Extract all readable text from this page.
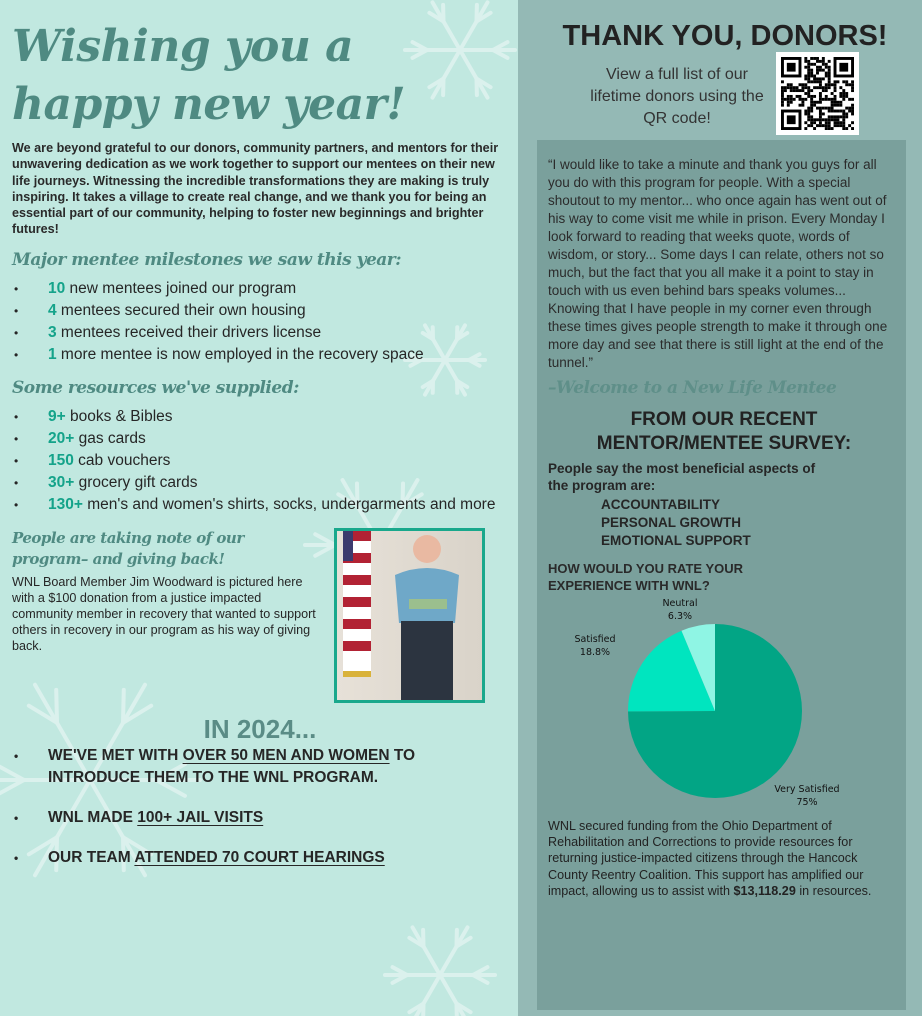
Wishing you a
happy new year!

We are beyond grateful to our donors, community partners, and mentors for their unwavering dedication as we work together to support our mentees on their new life journeys. Witnessing the incredible transformations they are making is truly inspiring. It takes a village to create real change, and we thank you for being an essential part of our community, helping to foster new beginnings and brighter futures!

Major mentee milestones we saw this year:
• 10 new mentees joined our program
• 4 mentees secured their own housing
• 3 mentees received their drivers license
• 1 more mentee is now employed in the recovery space
Some resources we've supplied:
• 9+ books & Bibles
• 20+ gas cards
• 150 cab vouchers
• 30+ grocery gift cards
• 130+ men's and women's shirts, socks, undergarments and more
People are taking note of our program– and giving back!

WNL Board Member Jim Woodward is pictured here with a $100 donation from a justice impacted community member in recovery that wanted to support others in recovery in our program as his way of giving back.

IN 2024...
• WE'VE MET WITH OVER 50 MEN AND WOMEN TO INTRODUCE THEM TO THE WNL PROGRAM.
• WNL MADE 100+ JAIL VISITS
• OUR TEAM ATTENDED 70 COURT HEARINGS
THANK YOU, DONORS!
View a full list of our lifetime donors using the QR code!

“I would like to take a minute and thank you guys for all you do with this program for people. With a special shoutout to my mentor... who once again has went out of his way to come visit me while in prison. Every Monday I look forward to reading that weeks quote, words of wisdom, or story... Some days I can relate, others not so much, but the fact that you all make it a point to stay in touch with us even behind bars speaks volumes... Knowing that I have people in my corner even through these times gives people strength to make it through one more day and see that there is still light at the end of the tunnel.”

–Welcome to a New Life Mentee
FROM OUR RECENT MENTOR/MENTEE SURVEY:
People say the most beneficial aspects of the program are:
ACCOUNTABILITY
PERSONAL GROWTH
EMOTIONAL SUPPORT
HOW WOULD YOU RATE YOUR EXPERIENCE WITH WNL?
Very Satisfied
75%
Satisfied
18.8%
Neutral
6.3%

WNL secured funding from the Ohio Department of Rehabilitation and Corrections to provide resources for returning justice-impacted citizens through the Hancock County Reentry Coalition. This support has amplified our impact, allowing us to assist with $13,118.29 in resources.
